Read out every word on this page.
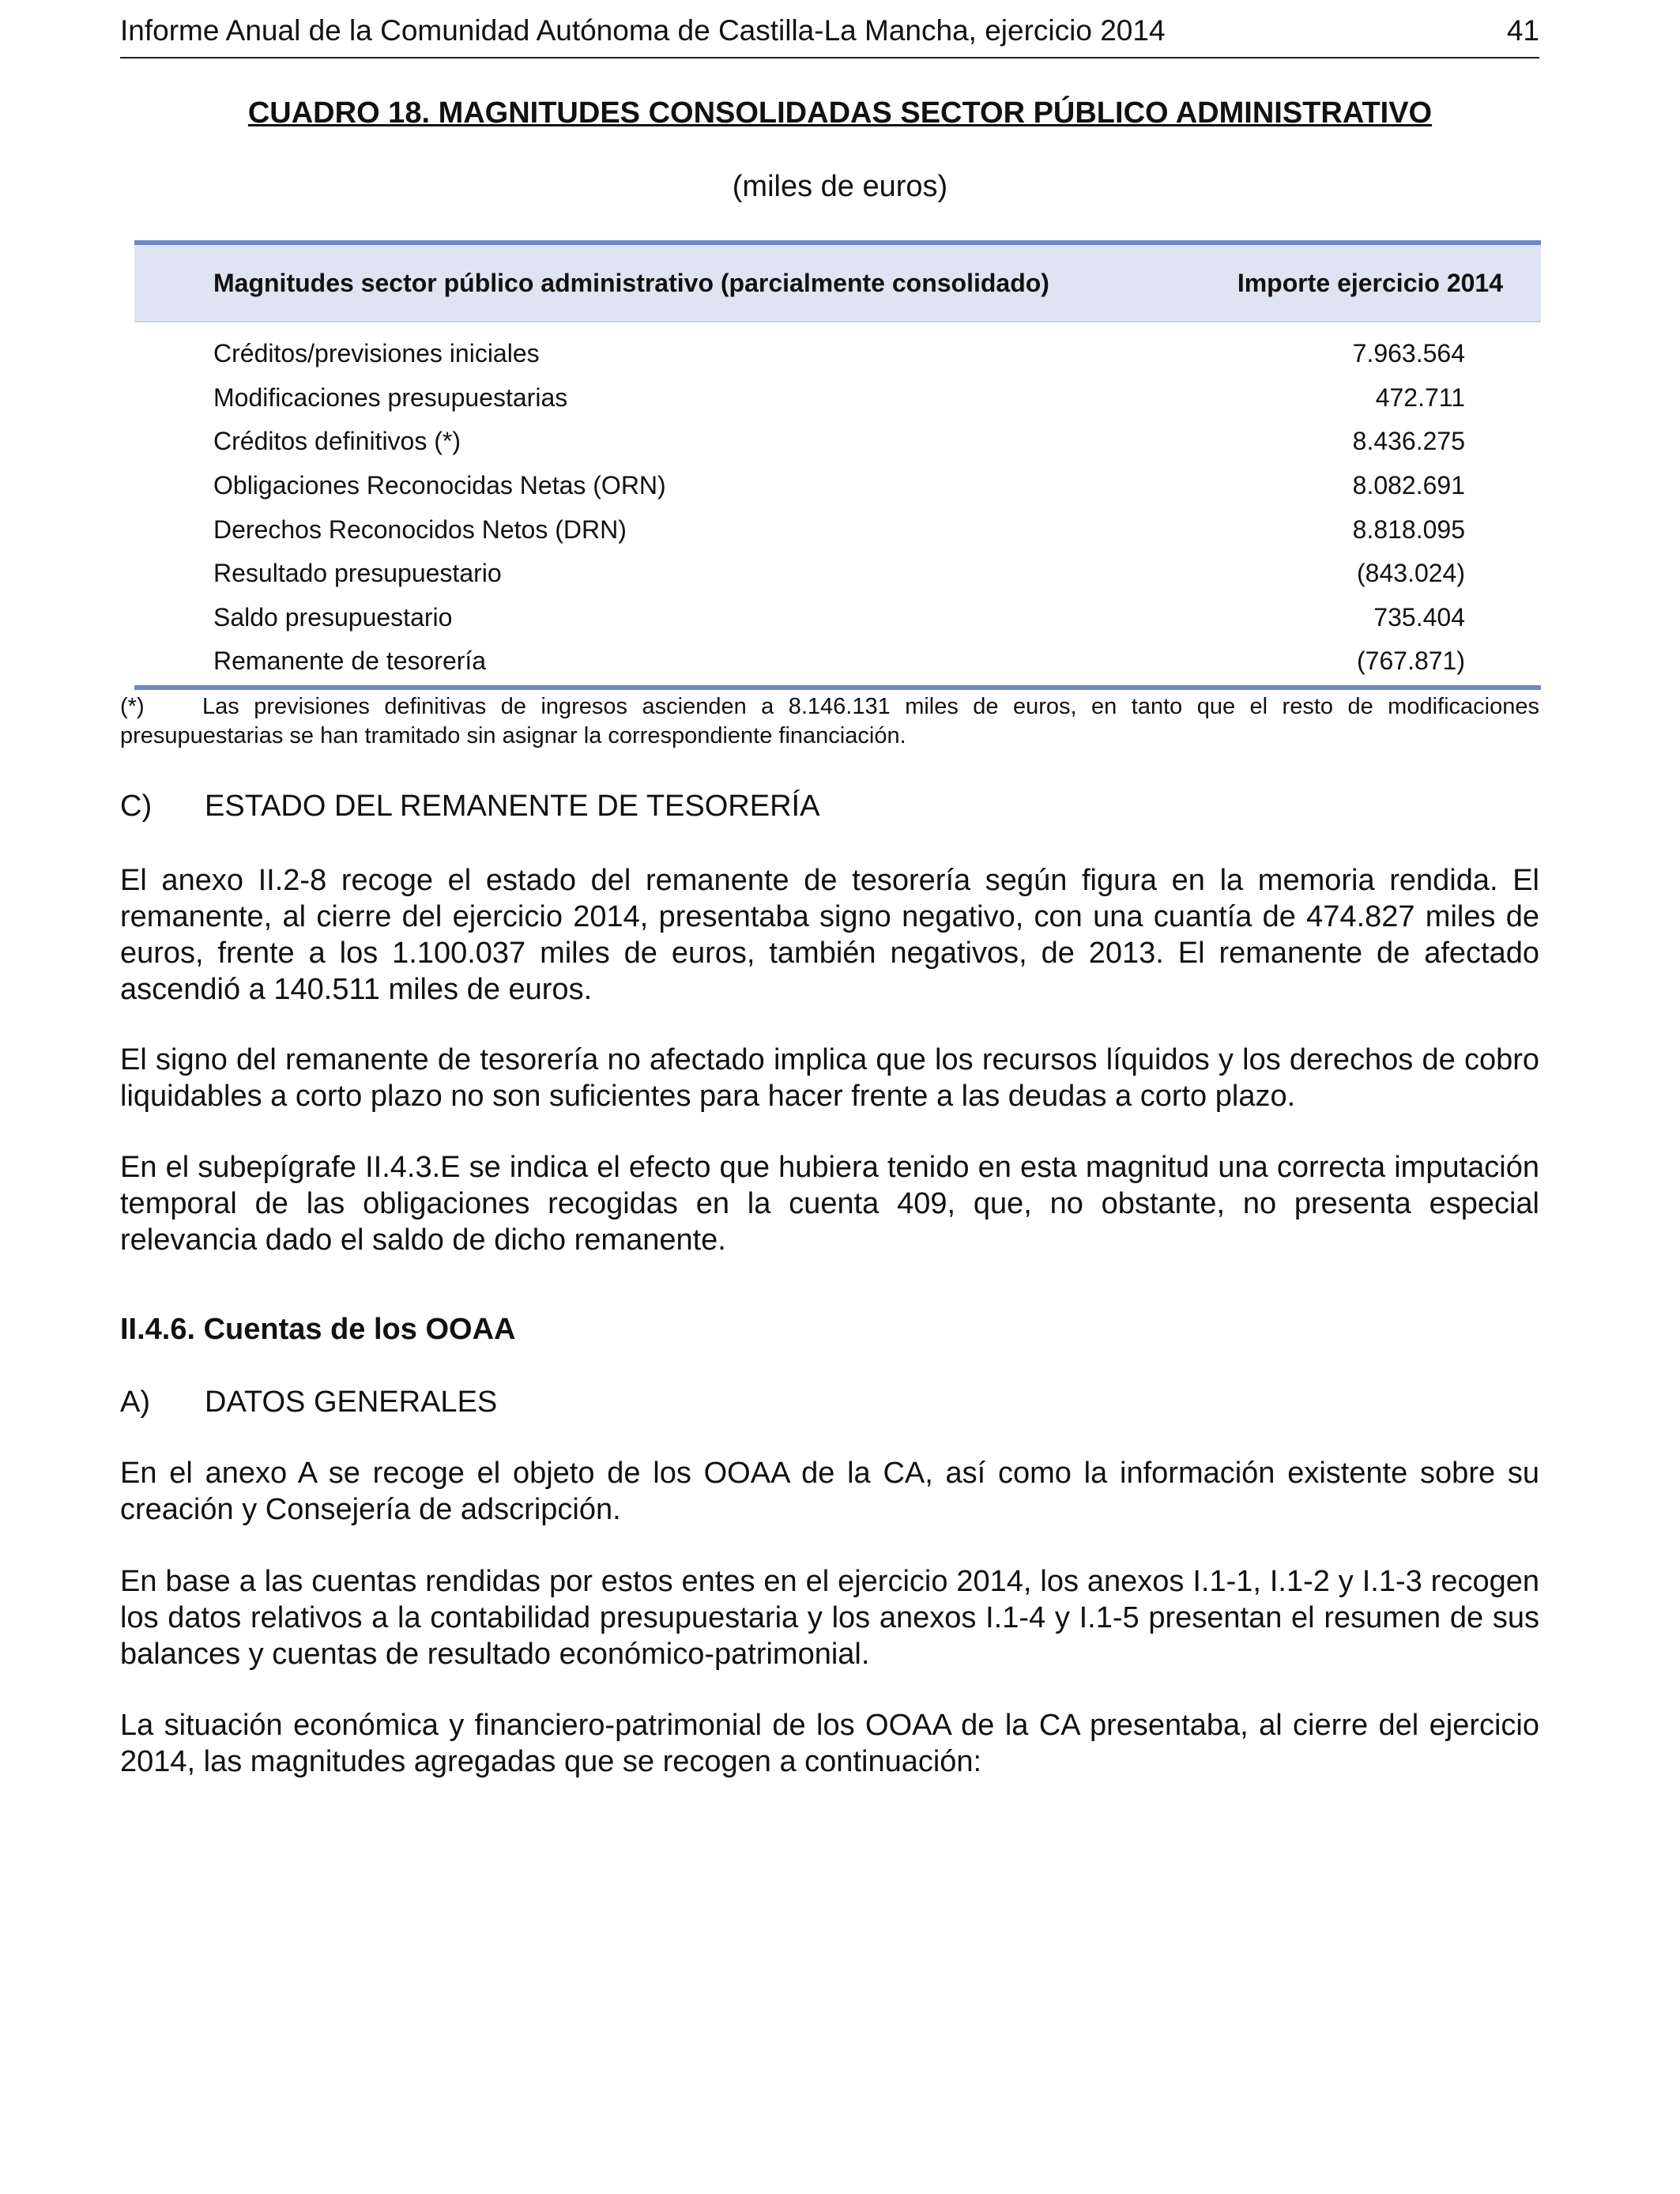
Informe Anual de la Comunidad Autónoma de Castilla-La Mancha, ejercicio 2014	41
CUADRO 18. MAGNITUDES CONSOLIDADAS SECTOR PÚBLICO ADMINISTRATIVO
(miles de euros)
Magnitudes sector público administrativo (parcialmente consolidado)	Importe ejercicio 2014
Créditos/previsiones iniciales	7.963.564
Modificaciones presupuestarias	472.711
Créditos definitivos (*)	8.436.275
Obligaciones Reconocidas Netas (ORN)	8.082.691
Derechos Reconocidos Netos (DRN)	8.818.095
Resultado presupuestario	(843.024)
Saldo presupuestario	735.404
Remanente de tesorería	(767.871)
(*)	Las previsiones definitivas de ingresos ascienden a 8.146.131 miles de euros, en tanto que el resto de modificaciones presupuestarias se han tramitado sin asignar la correspondiente financiación.
C) ESTADO DEL REMANENTE DE TESORERÍA
El anexo II.2-8 recoge el estado del remanente de tesorería según figura en la memoria rendida. El remanente, al cierre del ejercicio 2014, presentaba signo negativo, con una cuantía de 474.827 miles de euros, frente a los 1.100.037 miles de euros, también negativos, de 2013. El remanente de afectado ascendió a 140.511 miles de euros.
El signo del remanente de tesorería no afectado implica que los recursos líquidos y los derechos de cobro liquidables a corto plazo no son suficientes para hacer frente a las deudas a corto plazo.
En el subepígrafe II.4.3.E se indica el efecto que hubiera tenido en esta magnitud una correcta imputación temporal de las obligaciones recogidas en la cuenta 409, que, no obstante, no presenta especial relevancia dado el saldo de dicho remanente.
II.4.6. Cuentas de los OOAA
A) DATOS GENERALES
En el anexo A se recoge el objeto de los OOAA de la CA, así como la información existente sobre su creación y Consejería de adscripción.
En base a las cuentas rendidas por estos entes en el ejercicio 2014, los anexos I.1-1, I.1-2 y I.1-3 recogen los datos relativos a la contabilidad presupuestaria y los anexos I.1-4 y I.1-5 presentan el resumen de sus balances y cuentas de resultado económico-patrimonial.
La situación económica y financiero-patrimonial de los OOAA de la CA presentaba, al cierre del ejercicio 2014, las magnitudes agregadas que se recogen a continuación:
